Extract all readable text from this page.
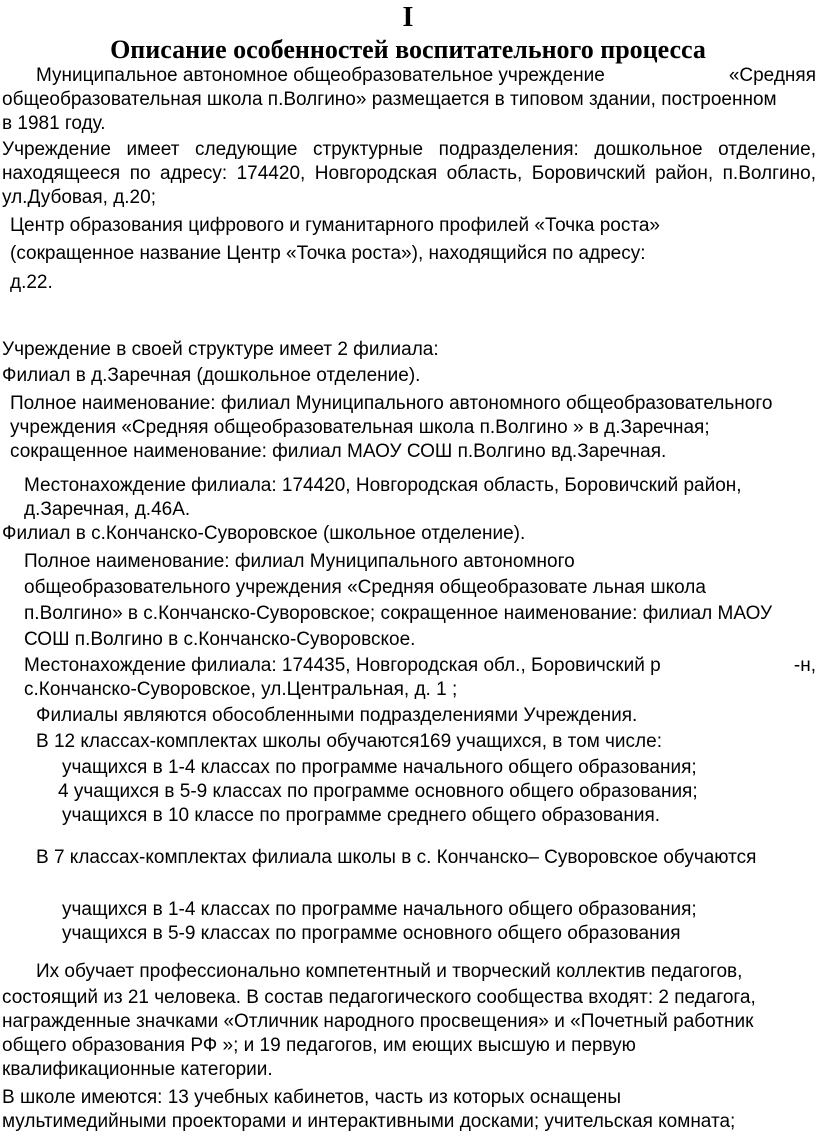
I
Описание особенностей воспитательного процесса
Муниципальное автономное общеобразовательное учреждение	«Средняя
общеобразовательная школа п.Волгино» размещается в типовом здании, построенном
в 1981 году.
Учреждение имеет следующие структурные подразделения: дошкольное отделение,
находящееся по адресу: 174420, Новгородская область, Боровичский район, п.Волгино,
ул.Дубовая, д.20;
Центр образования цифрового и гуманитарного профилей «Точка роста»
(сокращенное название Центр «Точка роста»), находящийся по адресу:
д.22.
Учреждение в своей структуре имеет 2 филиала:
Филиал в д.Заречная (дошкольное отделение).
Полное наименование: филиал Муниципального автономного общеобразовательного
учреждения «Средняя общеобразовательная школа п.Волгино » в д.Заречная;
сокращенное наименование: филиал МАОУ СОШ п.Волгино вд.Заречная.
Местонахождение филиала: 174420, Новгородская область, Боровичский район,
д.Заречная, д.46А.
Филиал в с.Кончанско-Суворовское (школьное отделение).
Полное наименование: филиал Муниципального автономного
общеобразовательного учреждения «Средняя общеобразовате льная школа
п.Волгино» в с.Кончанско-Суворовское; сокращенное наименование: филиал МАОУ
СОШ п.Волгино в с.Кончанско-Суворовское.
Местонахождение филиала: 174435, Новгородская обл., Боровичский р	-н,
с.Кончанско-Суворовское, ул.Центральная, д. 1 ;
Филиалы являются обособленными подразделениями Учреждения.
В 12 классах-комплектах школы обучаются169 учащихся, в том числе:
учащихся в 1-4 классах по программе начального общего образования;
4 учащихся в 5-9 классах по программе основного общего образования;
учащихся в 10 классе по программе среднего общего образования.
В 7 классах-комплектах филиала школы в с. Кончанско– Суворовское обучаются
учащихся в 1-4 классах по программе начального общего образования;
учащихся в 5-9 классах по программе основного общего образования
Их обучает профессионально компетентный и творческий коллектив педагогов,
состоящий из 21 человека. В состав педагогического сообщества входят: 2 педагога,
награжденные значками «Отличник народного просвещения» и «Почетный работник
общего образования РФ »; и 19 педагогов, им еющих высшую и первую
квалификационные категории.
В школе имеются: 13 учебных кабинетов, часть из которых оснащены
мультимедийными проекторами и интерактивными досками; учительская комната;
